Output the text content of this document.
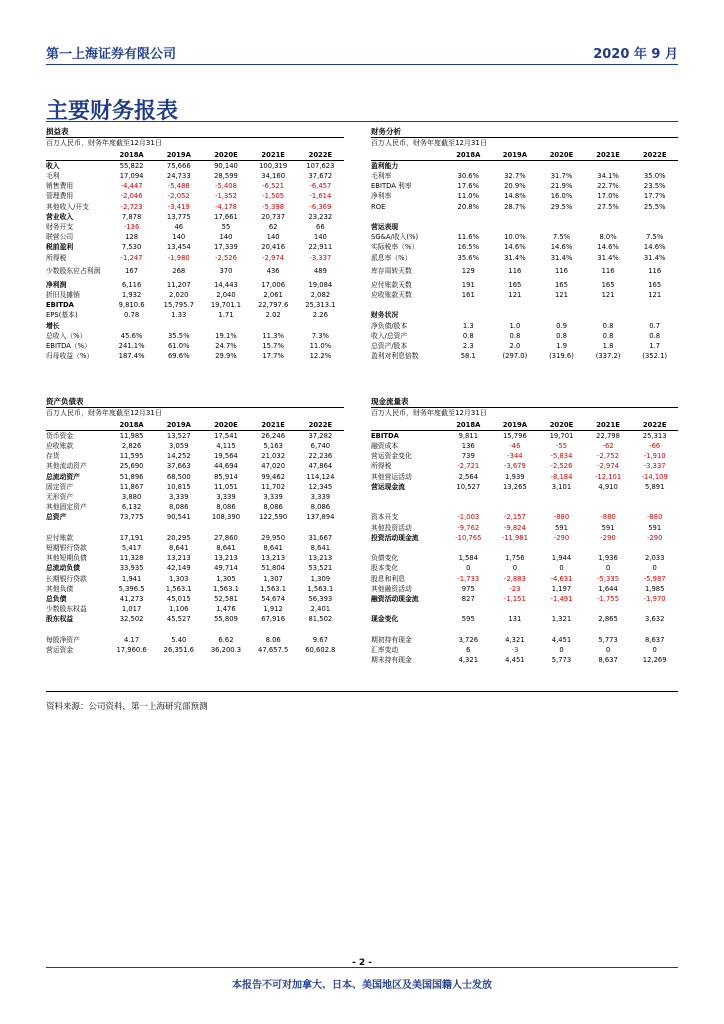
第一上海证券有限公司	2020 年 9 月
主要财务报表
损益表
百万人民币，财务年度截至12月31日
	2018A	2019A	2020E	2021E	2022E
收入	55,822	75,666	90,140	100,319	107,623
毛利	17,094	24,733	28,599	34,160	37,672
销售费用	-4,447	-5,488	-5,408	-6,521	-6,457
管理费用	-2,046	-2,052	-1,352	-1,505	-1,614
其他收入/开支	-2,723	-3,419	-4,178	-5,398	-6,369
营业收入	7,878	13,775	17,661	20,737	23,232
财务开支	-136	46	55	62	66
联营公司	128	140	140	140	140
税前盈利	7,530	13,454	17,339	20,416	22,911
所得税	-1,247	-1,980	-2,526	-2,974	-3,337
少数股东应占利润	167	268	370	436	489
净利润	6,116	11,207	14,443	17,006	19,084
折旧及摊销	1,932	2,020	2,040	2,061	2,082
EBITDA	9,810.6	15,795.7	19,701.1	22,797.6	25,313.1
EPS(基本)	0.78	1.33	1.71	2.02	2.26
增长					
总收入（%）	45.6%	35.5%	19.1%	11.3%	7.3%
EBITDA（%）	241.1%	61.0%	24.7%	15.7%	11.0%
归母收益（%）	187.4%	69.6%	29.9%	17.7%	12.2%
财务分析
百万人民币，财务年度截至12月31日
	2018A	2019A	2020E	2021E	2022E
盈利能力					
毛利率	30.6%	32.7%	31.7%	34.1%	35.0%
EBITDA 利率	17.6%	20.9%	21.9%	22.7%	23.5%
净利率	11.0%	14.8%	16.0%	17.0%	17.7%
ROE	20.8%	28.7%	29.5%	27.5%	25.5%

营运表现					
SG&A/收入(%)	11.6%	10.0%	7.5%	8.0%	7.5%
实际税率（%）	16.5%	14.6%	14.6%	14.6%	14.6%
派息率（%）	35.6%	31.4%	31.4%	31.4%	31.4%
库存周转天数	129	116	116	116	116
应付账款天数	191	165	165	165	165
应收账款天数	161	121	121	121	121

财务状况					
净负债/股本	1.3	1.0	0.9	0.8	0.7
收入/总资产	0.8	0.8	0.8	0.8	0.8
总资产/股本	2.3	2.0	1.9	1.8	1.7
盈利对利息倍数	58.1	(297.0)	(319.6)	(337.2)	(352.1)
资产负债表
百万人民币，财务年度截至12月31日
	2018A	2019A	2020E	2021E	2022E
货币资金	11,985	13,527	17,541	26,246	37,282
应收账款	2,826	3,059	4,115	5,163	6,740
存货	11,595	14,252	19,564	21,032	22,236
其他流动资产	25,690	37,663	44,694	47,020	47,864
总流动资产	51,896	68,500	85,914	99,462	114,124
固定资产	11,867	10,815	11,051	11,702	12,345
无形资产	3,880	3,339	3,339	3,339	3,339
其他固定资产	6,132	8,086	8,086	8,086	8,086
总资产	73,775	90,541	108,390	122,590	137,894

应付账款	17,191	20,295	27,860	29,950	31,667
短期银行贷款	5,417	8,641	8,641	8,641	8,641
其他短期负债	11,328	13,213	13,213	13,213	13,213
总流动负债	33,935	42,149	49,714	51,804	53,521
长期银行贷款	1,941	1,303	1,305	1,307	1,309
其他负债	5,396.5	1,563.1	1,563.1	1,563.1	1,563.1
总负债	41,273	45,015	52,581	54,674	56,393
少数股东权益	1,017	1,106	1,476	1,912	2,401
股东权益	32,502	45,527	55,809	67,916	81,502

每股净资产	4.17	5.40	6.62	8.06	9.67
营运资金	17,960.6	26,351.6	36,200.3	47,657.5	60,602.8
现金流量表
百万人民币，财务年度截至12月31日
	2018A	2019A	2020E	2021E	2022E
EBITDA	9,811	15,796	19,701	22,798	25,313
融资成本	136	-46	-55	-62	-66
营运资金变化	739	-344	-5,834	-2,752	-1,910
所得税	-2,721	-3,679	-2,526	-2,974	-3,337
其他营运活动	2,564	1,939	-8,184	-12,101	-14,109
营运现金流	10,527	13,265	3,101	4,910	5,891

资本开支	-1,003	-2,157	-880	-880	-880
其他投资活动	-9,762	-9,824	591	591	591
投资活动现金流	-10,765	-11,981	-290	-290	-290

负债变化	1,584	1,756	1,944	1,936	2,033
股本变化	0	0	0	0	0
股息和利息	-1,733	-2,883	-4,631	-5,335	-5,987
其他融资活动	975	-23	1,197	1,644	1,985
融资活动现金流	827	-1,151	-1,491	-1,755	-1,970

现金变化	595	131	1,321	2,865	3,632

期初持有现金	3,726	4,321	4,451	5,773	8,637
汇率变动	6	-3	0	0	0
期末持有现金	4,321	4,451	5,773	8,637	12,269
资料来源：公司资料，第一上海研究部预测
- 2 -
本报告不可对加拿大、日本、美国地区及美国国籍人士发放
